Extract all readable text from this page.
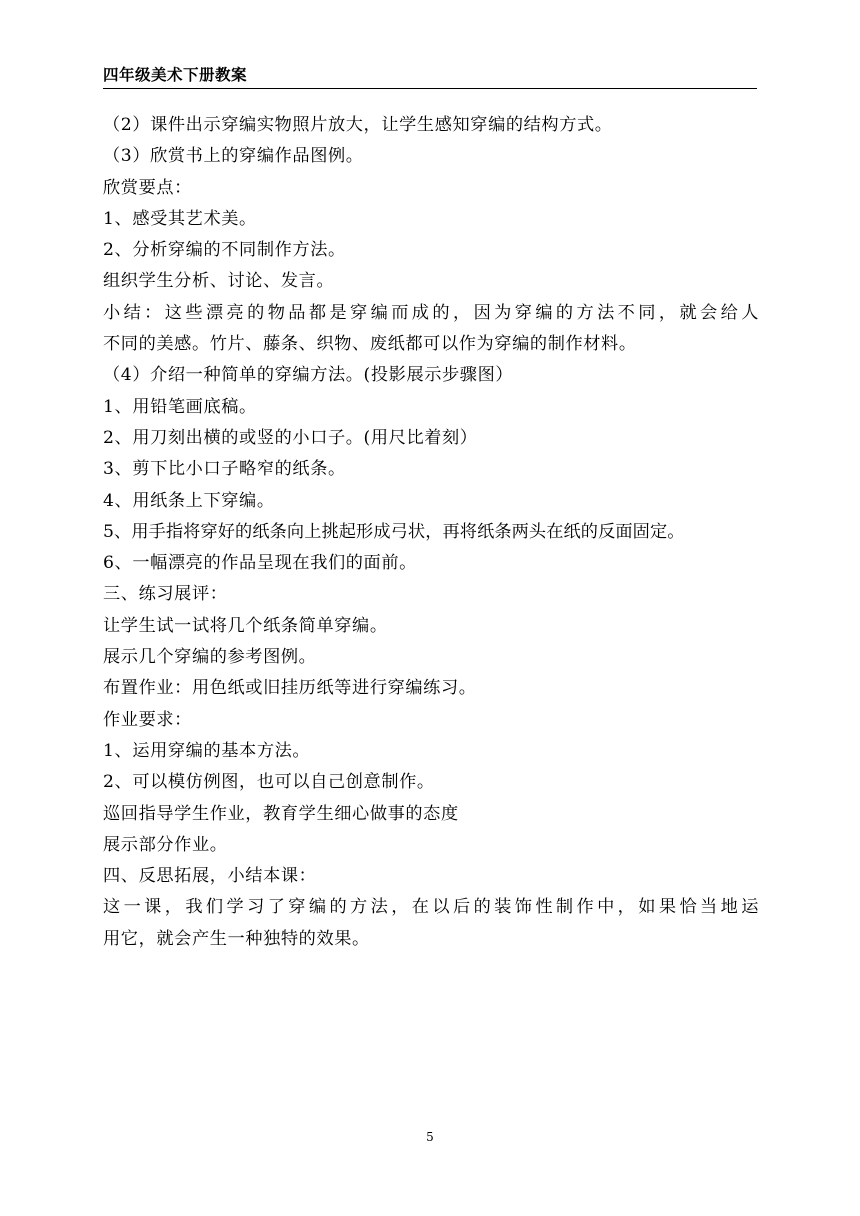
四年级美术下册教案
（2）课件出示穿编实物照片放大，让学生感知穿编的结构方式。
（3）欣赏书上的穿编作品图例。
欣赏要点：
1、感受其艺术美。
2、分析穿编的不同制作方法。
组织学生分析、讨论、发言。
小结：这些漂亮的物品都是穿编而成的，因为穿编的方法不同，就会给人
不同的美感。竹片、藤条、织物、废纸都可以作为穿编的制作材料。
（4）介绍一种简单的穿编方法。(投影展示步骤图）
1、用铅笔画底稿。
2、用刀刻出横的或竖的小口子。(用尺比着刻）
3、剪下比小口子略窄的纸条。
4、用纸条上下穿编。
5、用手指将穿好的纸条向上挑起形成弓状，再将纸条两头在纸的反面固定。
6、一幅漂亮的作品呈现在我们的面前。
三、练习展评：
让学生试一试将几个纸条简单穿编。
展示几个穿编的参考图例。
布置作业：用色纸或旧挂历纸等进行穿编练习。
作业要求：
1、运用穿编的基本方法。
2、可以模仿例图，也可以自己创意制作。
巡回指导学生作业，教育学生细心做事的态度
展示部分作业。
四、反思拓展，小结本课：
这一课，我们学习了穿编的方法，在以后的装饰性制作中，如果恰当地运
用它，就会产生一种独特的效果。
5
